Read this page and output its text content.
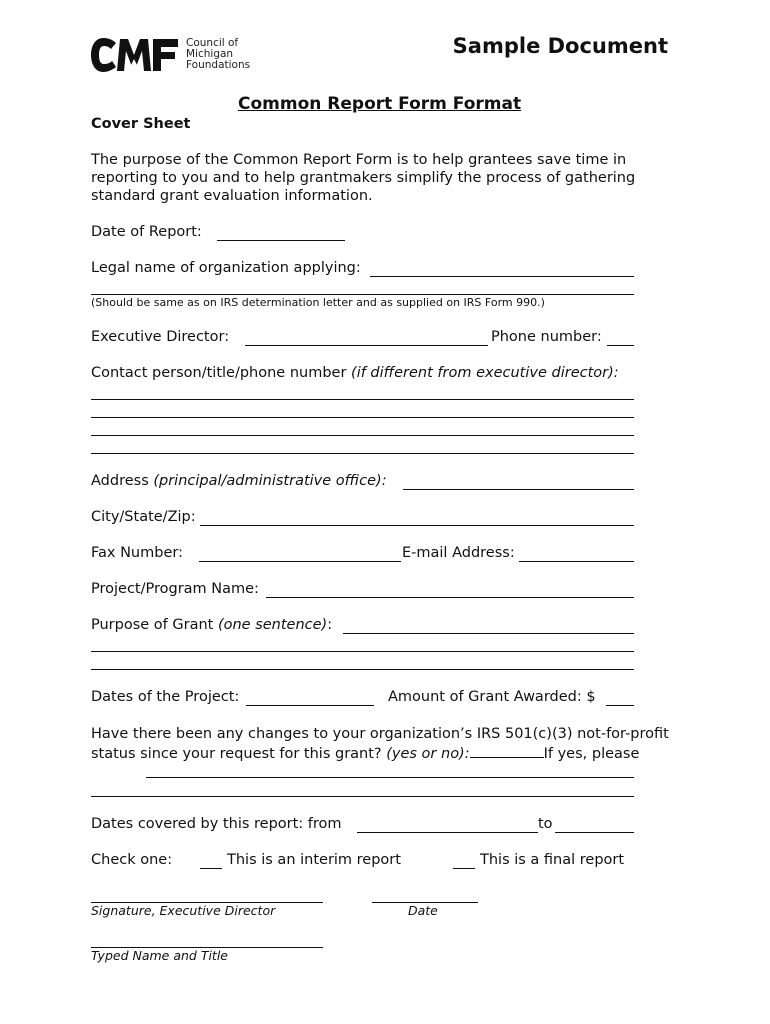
Council of
Michigan
Foundations
Sample Document
Common Report Form Format
Cover Sheet
The purpose of the Common Report Form is to help grantees save time in reporting to you and to help grantmakers simplify the process of gathering standard grant evaluation information.
Date of Report:
Legal name of organization applying:
(Should be same as on IRS determination letter and as supplied on IRS Form 990.)
Executive Director:	Phone number:
Contact person/title/phone number (if different from executive director):
Address (principal/administrative office):
City/State/Zip:
Fax Number:	E-mail Address:
Project/Program Name:
Purpose of Grant (one sentence):
Dates of the Project:	Amount of Grant Awarded: $
Have there been any changes to your organization’s IRS 501(c)(3) not-for-profit status since your request for this grant? (yes or no):	If yes, please
Dates covered by this report: from	to
Check one:	This is an interim report	This is a final report
Signature, Executive Director	Date
Typed Name and Title
